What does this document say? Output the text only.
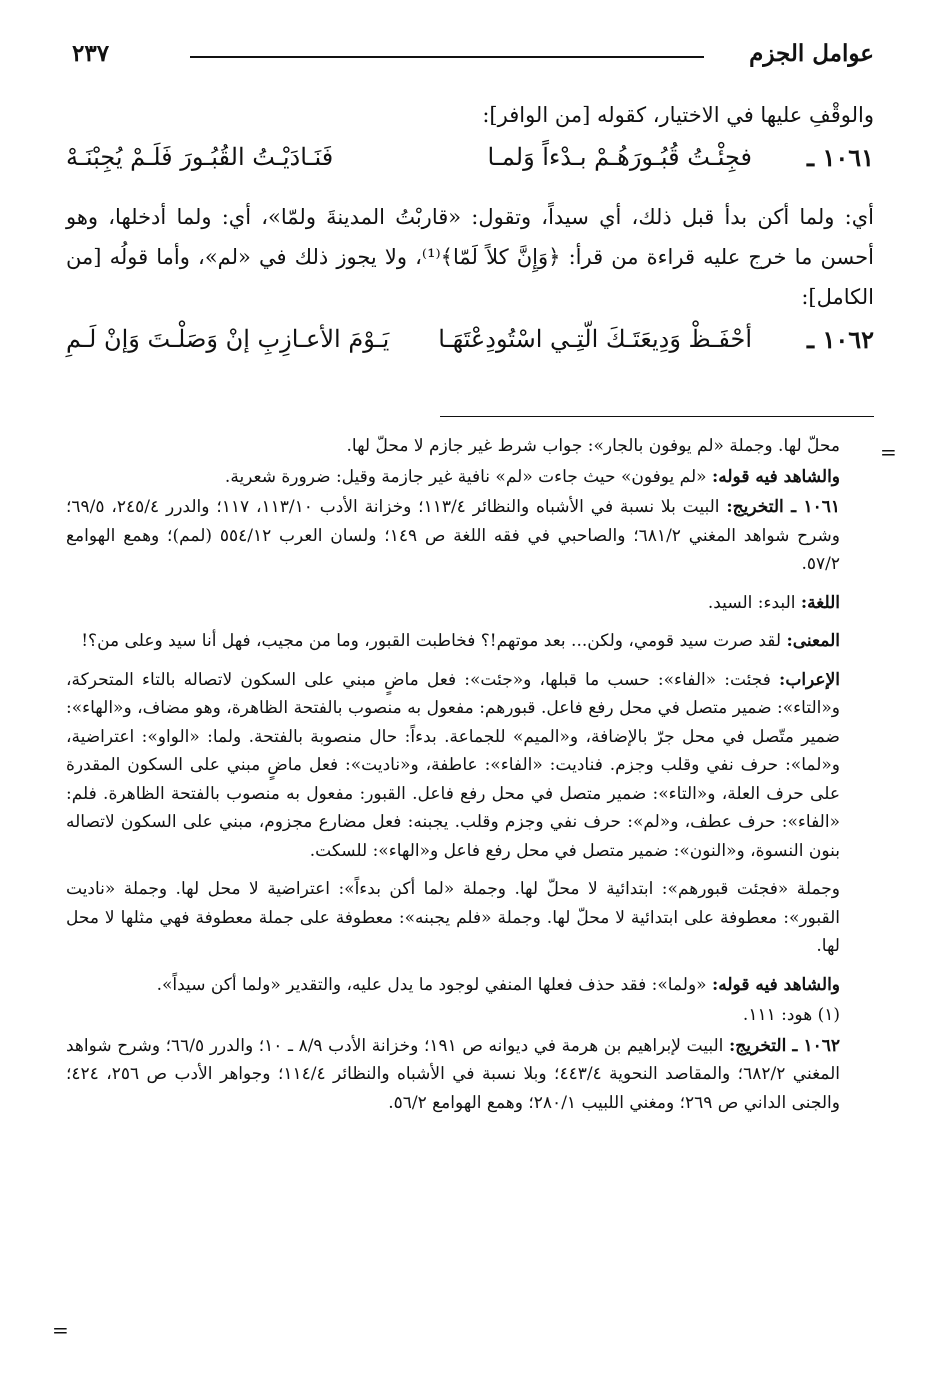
عوامل الجزم
٢٣٧

والوقْفِ عليها في الاختيار، كقوله [من الوافر]:

١٠٦١ ـ
فجِئْـتُ قُبُـورَهُـمْ بـدْءاً وَلمـا
فَنَـادَيْـتُ القُبُـورَ فَلَـمْ يُجِبْنَـهْ

أي: ولما أكن بدأ قبل ذلك، أي سيداً، وتقول: «قاربْتُ المدينةَ ولمّا»، أي: ولما أدخلها، وهو أحسن ما خرج عليه قراءة من قرأ: ﴿وَإِنَّ كلاً لَمّا﴾⁽¹⁾، ولا يجوز ذلك في «لم»، وأما قولُه [من الكامل]:

١٠٦٢ ـ
أحْفَـظْ وَدِيعَتَـكَ الّتِـي اسْتُودِعْتَهَـا
يَـوْمَ الأعـازِبِ إنْ وَصَلْـتَ وَإنْ لَـمِ
=

محلّ لها. وجملة «لم يوفون بالجار»: جواب شرط غير جازم لا محلّ لها.

والشاهد فيه قوله: «لم يوفون» حيث جاءت «لم» نافية غير جازمة وقيل: ضرورة شعرية.

١٠٦١ ـ التخريج: البيت بلا نسبة في الأشباه والنظائر ١١٣/٤؛ وخزانة الأدب ١١٣/١٠، ١١٧؛ والدرر ٢٤٥/٤، ٦٩/٥؛ وشرح شواهد المغني ٦٨١/٢؛ والصاحبي في فقه اللغة ص ١٤٩؛ ولسان العرب ٥٥٤/١٢ (لمم)؛ وهمع الهوامع ٥٧/٢.

اللغة: البدء: السيد.

المعنى: لقد صرت سيد قومي، ولكن... بعد موتهم!؟ فخاطبت القبور، وما من مجيب، فهل أنا سيد وعلى من؟!

الإعراب: فجئت: «الفاء»: حسب ما قبلها، و«جئت»: فعل ماضٍ مبني على السكون لاتصاله بالتاء المتحركة، و«التاء»: ضمير متصل في محل رفع فاعل. قبورهم: مفعول به منصوب بالفتحة الظاهرة، وهو مضاف، و«الهاء»: ضمير متّصل في محل جرّ بالإضافة، و«الميم» للجماعة. بدءاً: حال منصوبة بالفتحة. ولما: «الواو»: اعتراضية، و«لما»: حرف نفي وقلب وجزم. فناديت: «الفاء»: عاطفة، و«ناديت»: فعل ماضٍ مبني على السكون المقدرة على حرف العلة، و«التاء»: ضمير متصل في محل رفع فاعل. القبور: مفعول به منصوب بالفتحة الظاهرة. فلم: «الفاء»: حرف عطف، و«لم»: حرف نفي وجزم وقلب. يجبنه: فعل مضارع مجزوم، مبني على السكون لاتصاله بنون النسوة، و«النون»: ضمير متصل في محل رفع فاعل و«الهاء»: للسكت.

وجملة «فجئت قبورهم»: ابتدائية لا محلّ لها. وجملة «لما أكن بدءاً»: اعتراضية لا محل لها. وجملة «ناديت القبور»: معطوفة على ابتدائية لا محلّ لها. وجملة «فلم يجبنه»: معطوفة على جملة معطوفة فهي مثلها لا محل لها.

والشاهد فيه قوله: «ولما»: فقد حذف فعلها المنفي لوجود ما يدل عليه، والتقدير «ولما أكن سيداً».

(١) هود: ١١١.

١٠٦٢ ـ التخريج: البيت لإبراهيم بن هرمة في ديوانه ص ١٩١؛ وخزانة الأدب ٨/٩ ـ ١٠؛ والدرر ٦٦/٥؛ وشرح شواهد المغني ٦٨٢/٢؛ والمقاصد النحوية ٤٤٣/٤؛ وبلا نسبة في الأشباه والنظائر ١١٤/٤؛ وجواهر الأدب ص ٢٥٦، ٤٢٤؛ والجنى الداني ص ٢٦٩؛ ومغني اللبيب ٢٨٠/١؛ وهمع الهوامع ٥٦/٢.

=
